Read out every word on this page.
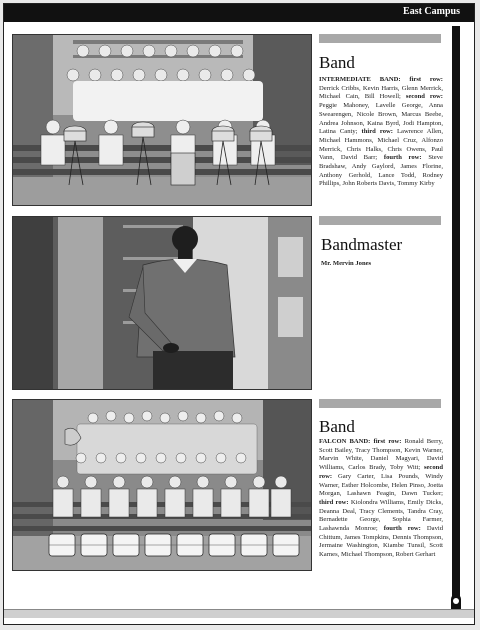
East Campus
Band
INTERMEDIATE BAND: first row: Derrick Cribbs, Kevin Harris, Glenn Merrick, Michael Cain, Bill Howell; second row: Peggie Mahoney, Lavelle George, Anna Swearengen, Nicole Brown, Marcus Beebe, Andrea Johnson, Kaina Byrd, Jodi Hampton, Latina Canty; third row: Lawrence Allen, Michael Hammons, Michael Cruz, Alfonzo Merrick, Chris Halks, Chris Owens, Paul Vann, David Barr; fourth row: Steve Bradshaw, Andy Gaylord, James Florine, Anthony Gerhold, Lance Todd, Rodney Phillips, John Roberts Davis, Tommy Kirby
Bandmaster
Mr. Mervin Jones
Band
FALCON BAND: first row: Ronald Berry, Scott Bailey, Tracy Thompson, Kevin Warner, Marvin White, Daniel Magyari, David Williams, Carlos Brady, Toby Witt; second row: Gary Carter, Lisa Pounds, Windy Warner, Esther Holcombe, Helen Pinso, Joetta Morgan, Lashawn Feagin, Dawn Tucker; third row: Kiolondra Williams, Emily Dicks, Deanna Deal, Tracy Clements, Tandra Cray, Bernadette George, Sophia Farmer, Lashawnda Monroe; fourth row: David Chittum, James Tompkins, Dennis Thompson, Jermaine Washington, Kiambe Tunsil, Scott Karnes, Michael Thompson, Robert Gerhart
